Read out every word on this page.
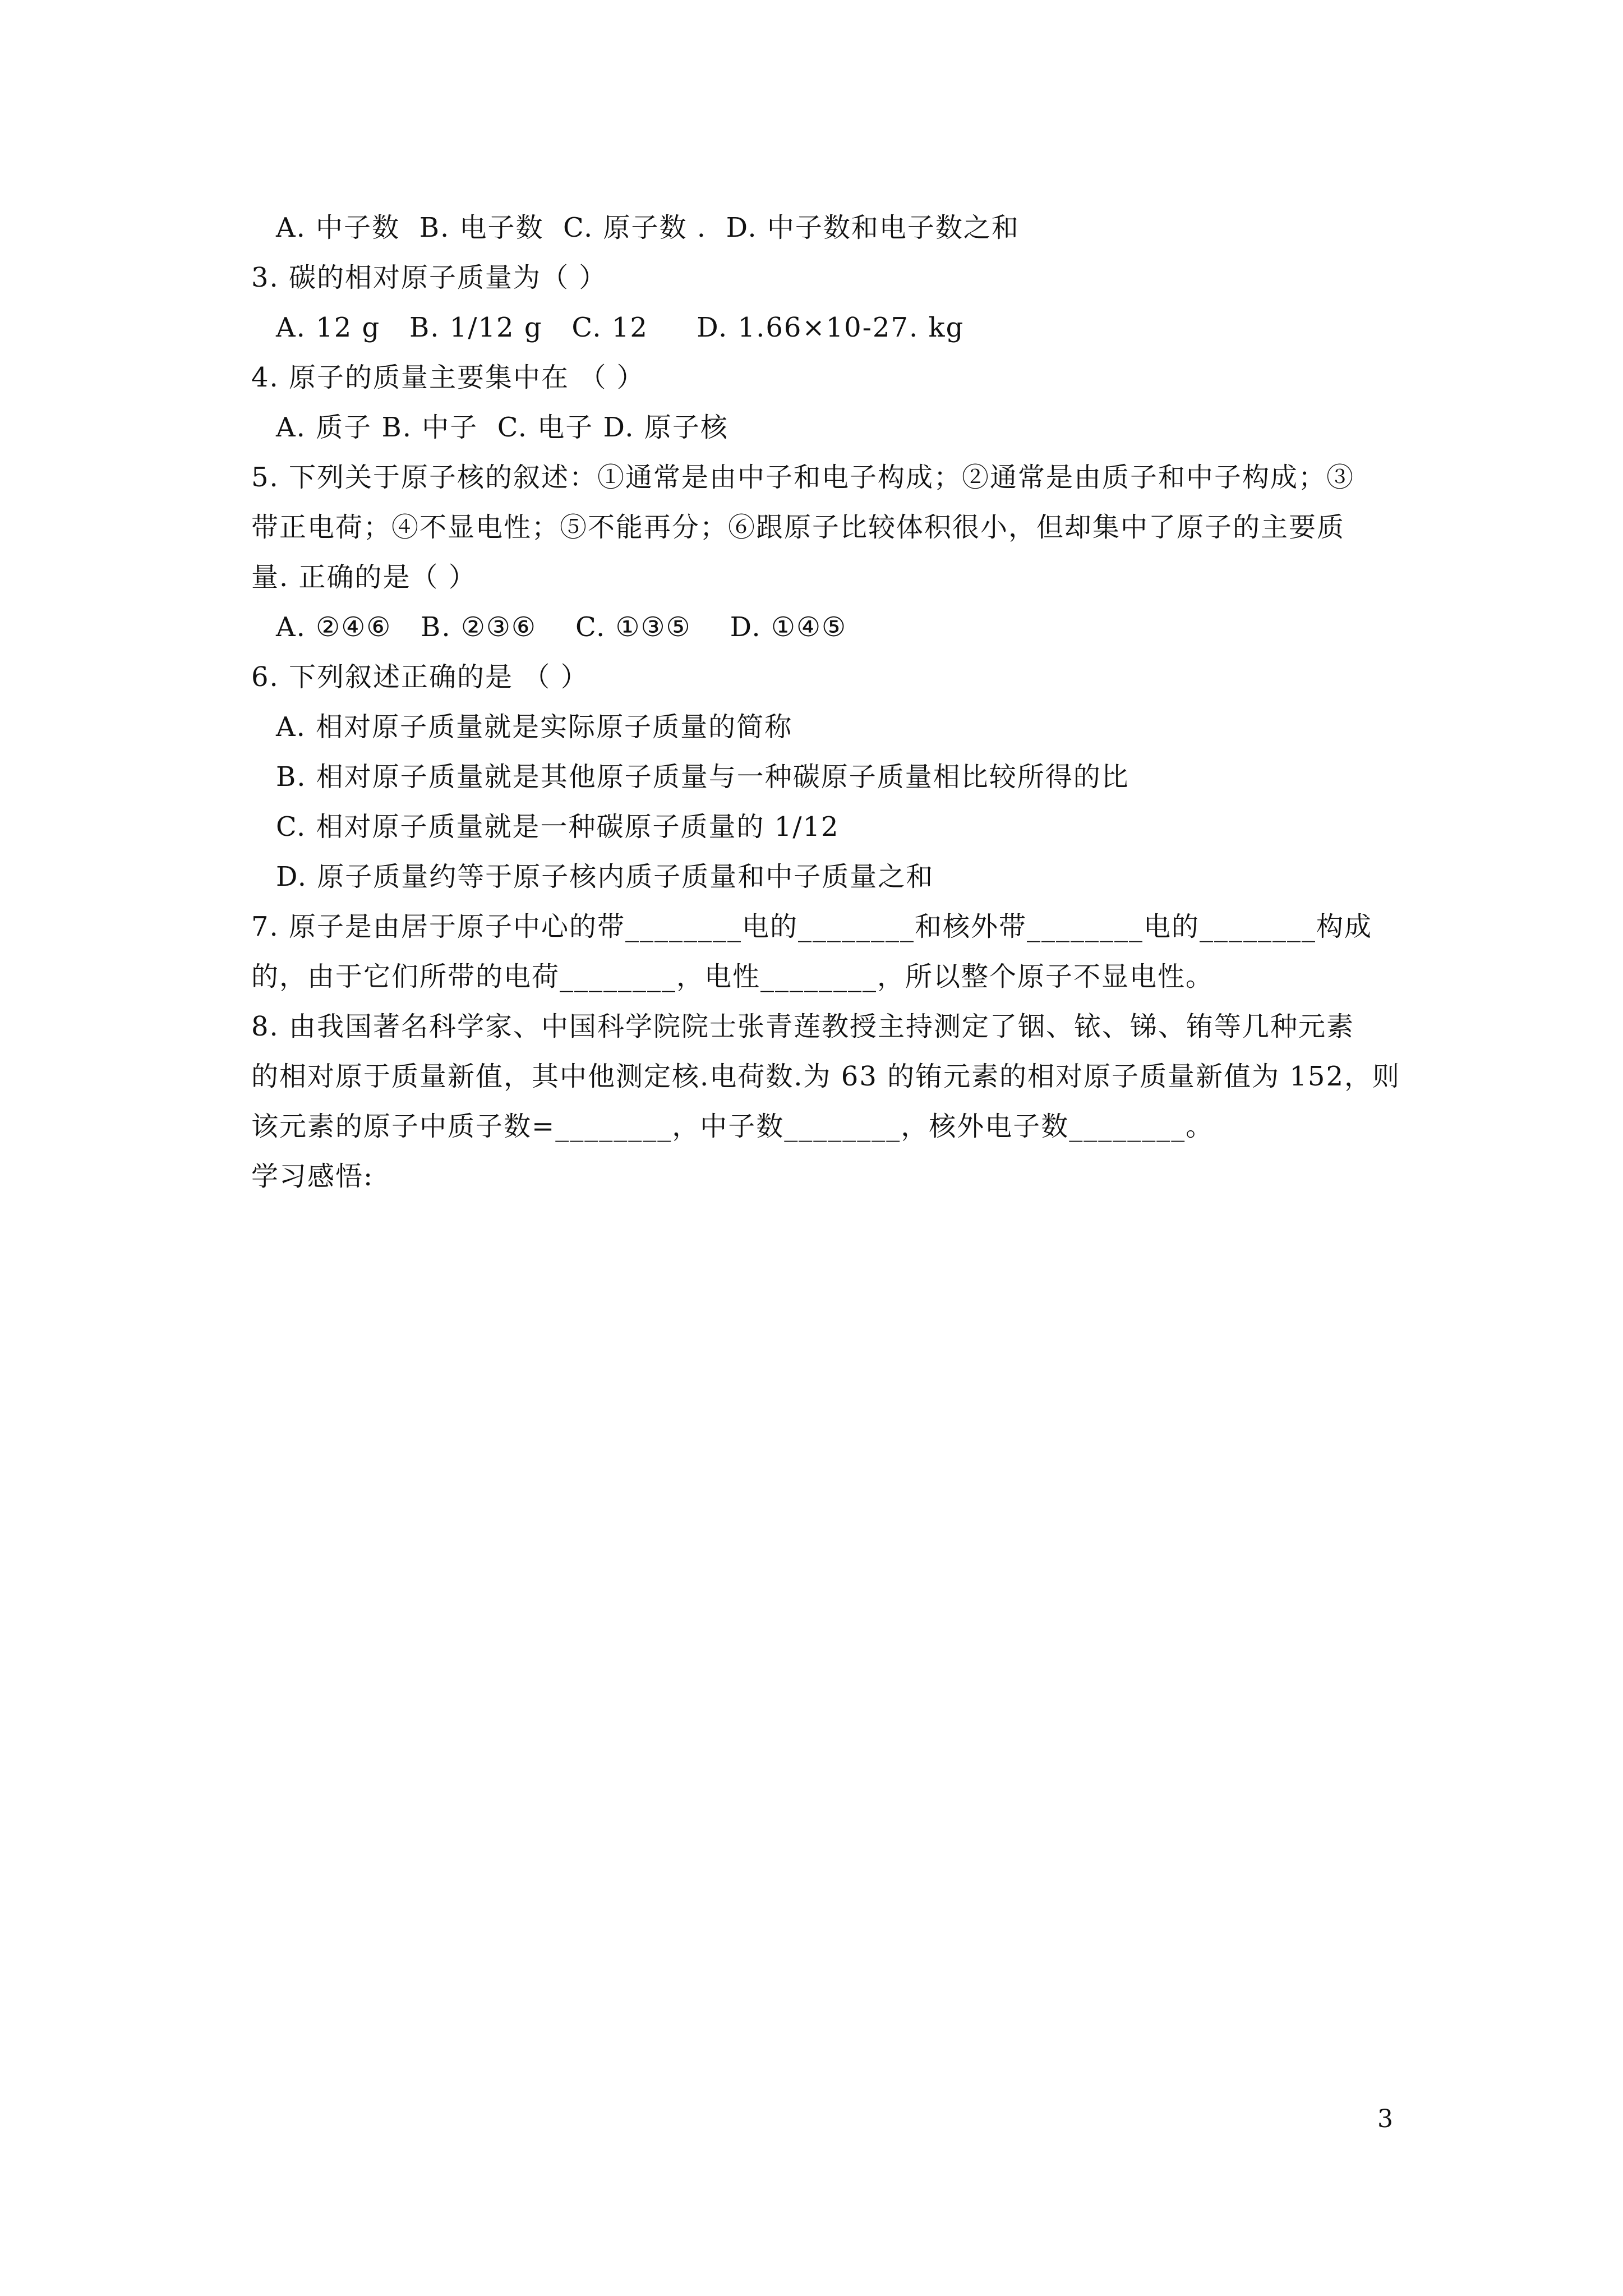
A. 中子数  B. 电子数  C. 原子数 .  D. 中子数和电子数之和
3. 碳的相对原子质量为（ ）
A. 12 g   B. 1/12 g   C. 12     D. 1.66×10-27. kg
4. 原子的质量主要集中在 （ ）
A. 质子 B. 中子  C. 电子 D. 原子核
5. 下列关于原子核的叙述：①通常是由中子和电子构成；②通常是由质子和中子构成；③
带正电荷；④不显电性；⑤不能再分；⑥跟原子比较体积很小，但却集中了原子的主要质
量. 正确的是（ ）
A. ②④⑥   B. ②③⑥    C. ①③⑤    D. ①④⑤
6. 下列叙述正确的是 （ ）
A. 相对原子质量就是实际原子质量的简称
B. 相对原子质量就是其他原子质量与一种碳原子质量相比较所得的比
C. 相对原子质量就是一种碳原子质量的 1/12
D. 原子质量约等于原子核内质子质量和中子质量之和
7. 原子是由居于原子中心的带________电的________和核外带________电的________构成
的，由于它们所带的电荷________，电性________，所以整个原子不显电性。
8. 由我国著名科学家、中国科学院院士张青莲教授主持测定了铟、铱、锑、铕等几种元素
的相对原于质量新值，其中他测定核.电荷数.为 63 的铕元素的相对原子质量新值为 152，则
该元素的原子中质子数=________，中子数________，核外电子数________。
学习感悟:
3
